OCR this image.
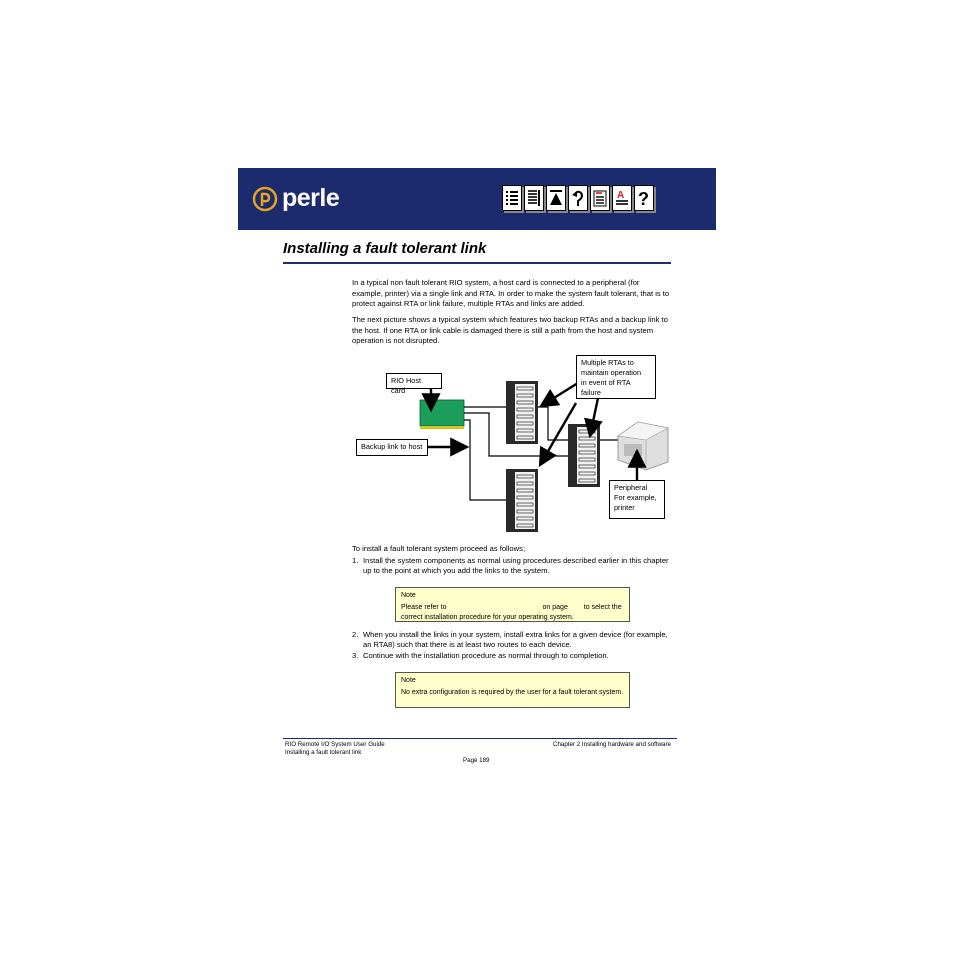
perle	A ?
Installing a fault tolerant link
In a typical non fault tolerant RIO system, a host card is connected to a peripheral (for example, printer) via a single link and RTA. In order to make the system fault tolerant, that is to protect against RTA or link failure, multiple RTAs and links are added.
The next picture shows a typical system which features two backup RTAs and a backup link to the host. If one RTA or link cable is damaged there is still a path from the host and system operation is not disrupted.
RIO Host card
Backup link to host
Multiple RTAs to
maintain operation
in event of RTA
failure
Peripheral
For example,
printer
To install a fault tolerant system proceed as follows;
1. Install the system components as normal using procedures described earlier in this chapter up to the point at which you add the links to the system.
Note
Please refer to	on page to select the correct installation procedure for your operating system.
2. When you install the links in your system, install extra links for a given device (for example, an RTA8) such that there is at least two routes to each device.
3. Continue with the installation procedure as normal through to completion.
Note
No extra configuration is required by the user for a fault tolerant system.
RIO Remote I/O System User Guide
Installing a fault tolerant link
Chapter 2 Installing hardware and software
Page 189
